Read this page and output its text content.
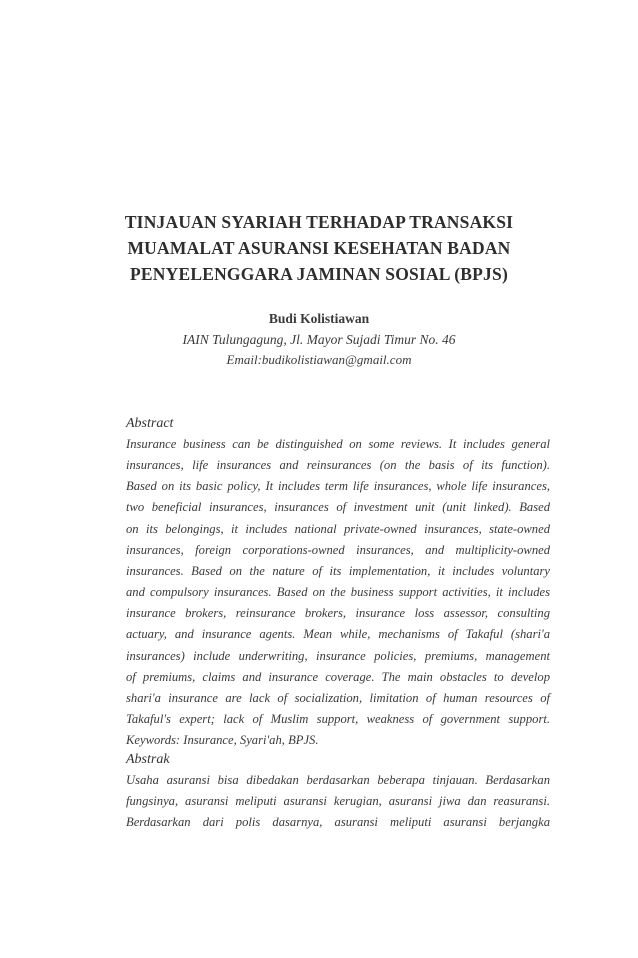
TINJAUAN SYARIAH TERHADAP TRANSAKSI
MUAMALAT ASURANSI KESEHATAN BADAN
PENYELENGGARA JAMINAN SOSIAL (BPJS)
Budi Kolistiawan
IAIN Tulungagung, Jl. Mayor Sujadi Timur No. 46
Email:budikolistiawan@gmail.com

Abstract

Insurance business can be distinguished on some reviews. It includes general
insurances, life insurances and reinsurances (on the basis of its function).
Based on its basic policy, It includes term life insurances, whole life insurances,
two beneficial insurances, insurances of investment unit (unit linked). Based
on its belongings, it includes national private-owned insurances, state-owned
insurances, foreign corporations-owned insurances, and multiplicity-owned
insurances. Based on the nature of its implementation, it includes voluntary
and compulsory insurances. Based on the business support activities, it includes
insurance brokers, reinsurance brokers, insurance loss assessor, consulting
actuary, and insurance agents. Mean while, mechanisms of Takaful (shari'a
insurances) include underwriting, insurance policies, premiums, management
of premiums, claims and insurance coverage. The main obstacles to develop
shari'a insurance are lack of socialization, limitation of human resources of
Takaful's expert; lack of Muslim support, weakness of government support.
Keywords: Insurance, Syari'ah, BPJS.

Abstrak

Usaha asuransi bisa dibedakan berdasarkan beberapa tinjauan. Berdasarkan
fungsinya, asuransi meliputi asuransi kerugian, asuransi jiwa dan reasuransi.
Berdasarkan dari polis dasarnya, asuransi meliputi asuransi berjangka
